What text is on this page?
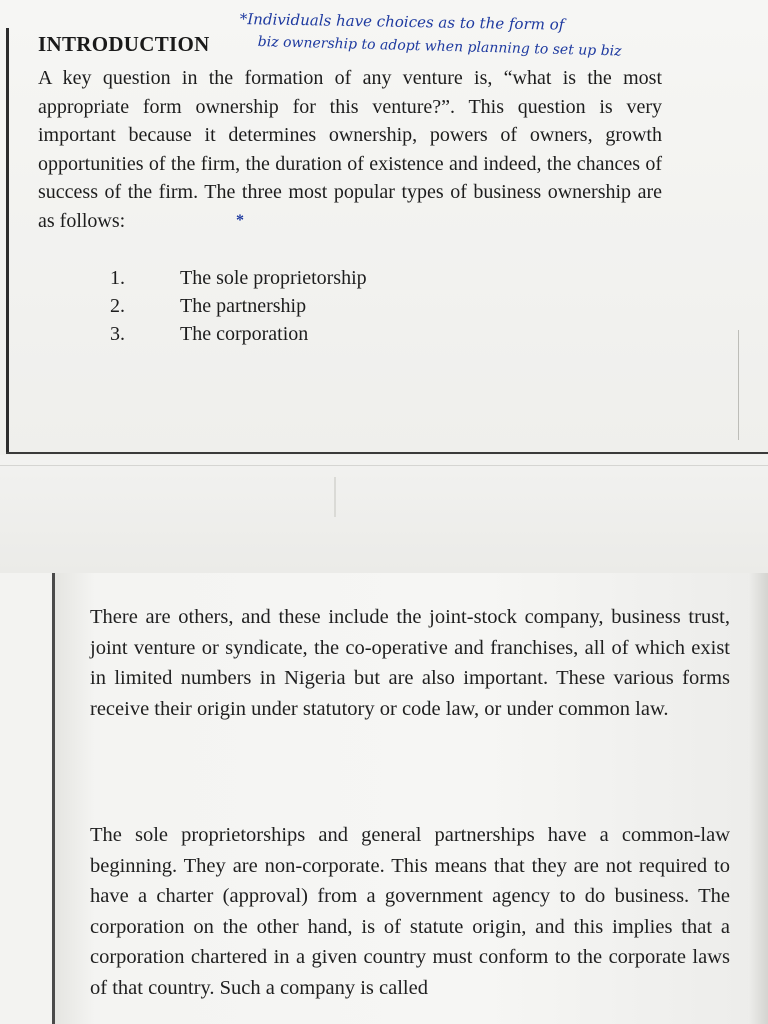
INTRODUCTION
*Individuals have choices as to the form of
biz ownership to adopt when planning to set up biz

A key question in the formation of any venture is, “what is the most appropriate form ownership for this venture?”. This question is very important because it determines ownership, powers of owners, growth opportunities of the firm, the duration of existence and indeed, the chances of success of the firm. The three most popular types of business ownership are as follows:	*
1.	The sole proprietorship
2.	The partnership
3.	The corporation

There are others, and these include the joint-stock company, business trust, joint venture or syndicate, the co-operative and franchises, all of which exist in limited numbers in Nigeria but are also important. These various forms receive their origin under statutory or code law, or under common law.

The sole proprietorships and general partnerships have a common-law beginning. They are non-corporate. This means that they are not required to have a charter (approval) from a government agency to do business. The corporation on the other hand, is of statute origin, and this implies that a corporation chartered in a given country must conform to the corporate laws of that country. Such a company is called
